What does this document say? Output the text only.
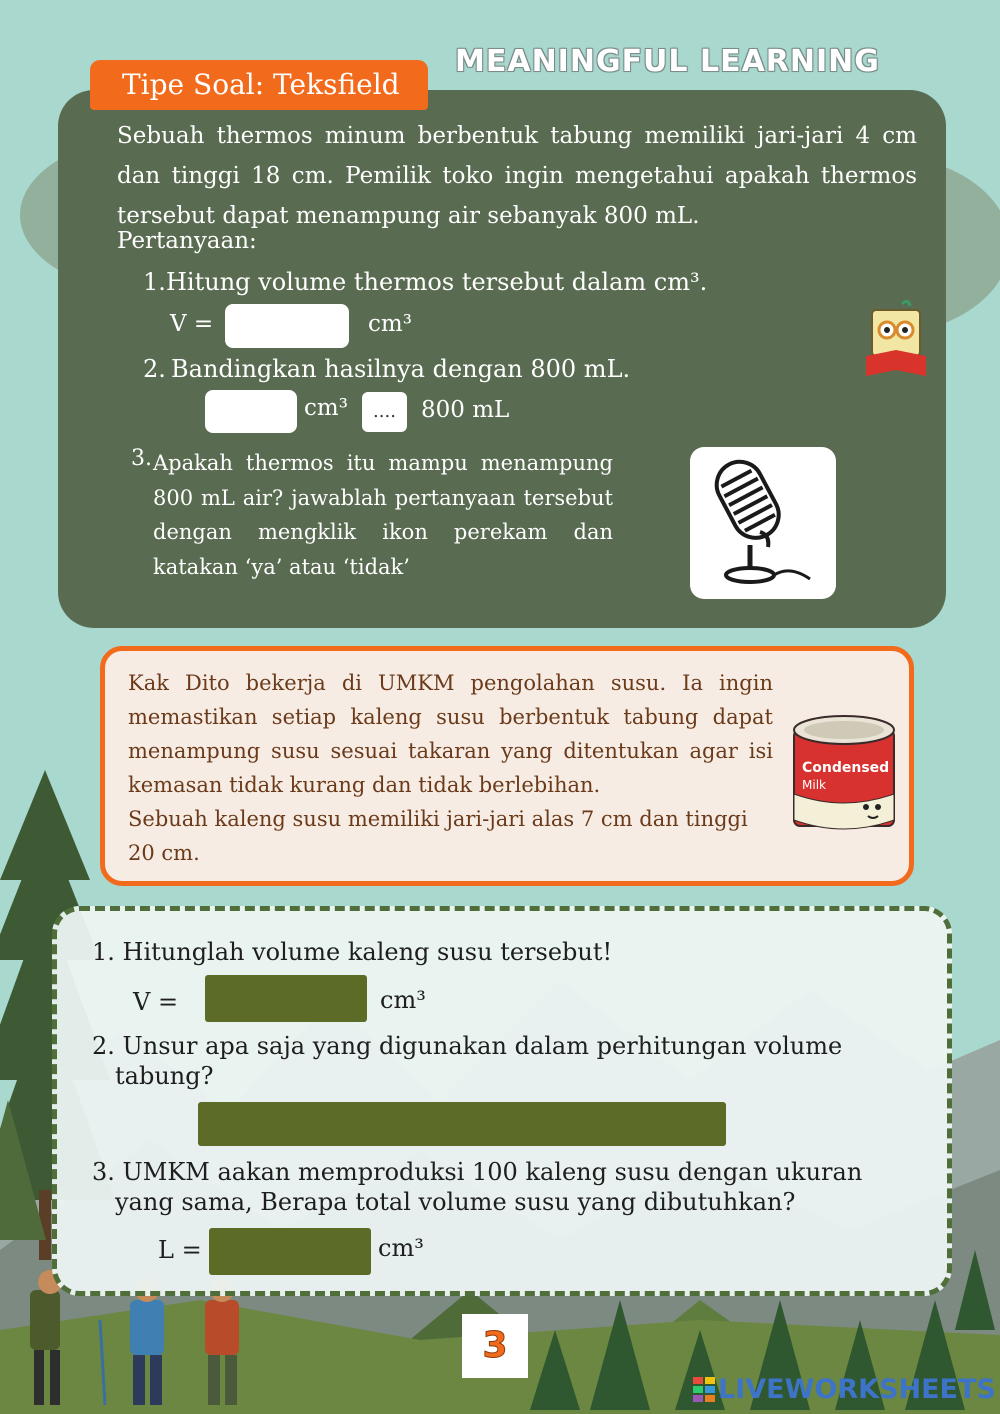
Tipe Soal: Teksfield
MEANINGFUL LEARNING
Sebuah thermos minum berbentuk tabung memiliki jari-jari 4 cm dan tinggi 18 cm. Pemilik toko ingin mengetahui apakah thermos tersebut dapat menampung air sebanyak 800 mL.
Pertanyaan:
1. Hitung volume thermos tersebut dalam cm³.
V =	cm³
2. Bandingkan hasilnya dengan 800 mL.
cm³	....	800 mL
3. Apakah thermos itu mampu menampung 800 mL air? jawablah pertanyaan tersebut dengan mengklik ikon perekam dan katakan ‘ya’ atau ‘tidak’
Kak Dito bekerja di UMKM pengolahan susu. Ia ingin memastikan setiap kaleng susu berbentuk tabung dapat menampung susu sesuai takaran yang ditentukan agar isi kemasan tidak kurang dan tidak berlebihan.
Sebuah kaleng susu memiliki jari-jari alas 7 cm dan tinggi 20 cm.
Condensed
Milk
1. Hitunglah volume kaleng susu tersebut!
V =	cm³
2. Unsur apa saja yang digunakan dalam perhitungan volume
tabung?
3. UMKM aakan memproduksi 100 kaleng susu dengan ukuran
yang sama, Berapa total volume susu yang dibutuhkan?
L =	cm³
3
LIVEWORKSHEETS
